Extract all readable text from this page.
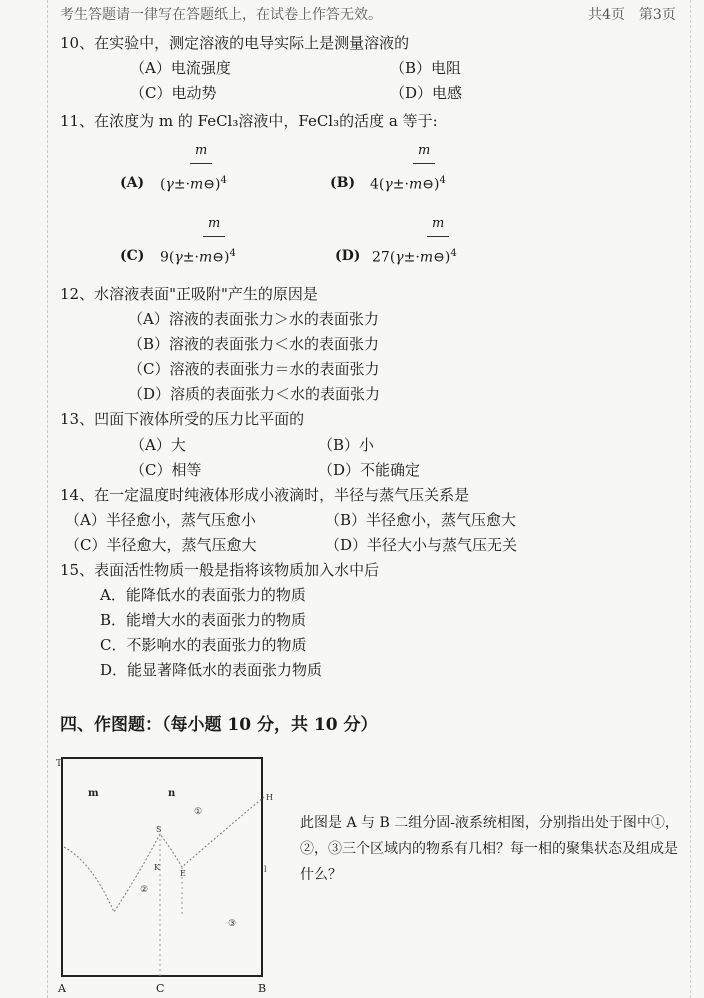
考生答题请一律写在答题纸上，在试卷上作答无效。	共4页　第3页
10、在实验中，测定溶液的电导实际上是测量溶液的
（A）电流强度	（B）电阻
（C）电动势	（D）电感
11、在浓度为 m 的 FeCl₃溶液中，FeCl₃的活度 a 等于:
(A) (γ±·m⊖)$^4$
m
(B) 4(γ±·m⊖)$^4$
m
(C) 9(γ±·m⊖)$^4$
m
(D) 27(γ±·m⊖)$^4$
m
12、水溶液表面"正吸附"产生的原因是
（A）溶液的表面张力＞水的表面张力
（B）溶液的表面张力＜水的表面张力
（C）溶液的表面张力＝水的表面张力
（D）溶质的表面张力＜水的表面张力
13、凹面下液体所受的压力比平面的
（A）大	（B）小
（C）相等	（D）不能确定
14、在一定温度时纯液体形成小液滴时，半径与蒸气压关系是
（A）半径愈小，蒸气压愈小	（B）半径愈小，蒸气压愈大
（C）半径愈大，蒸气压愈大	（D）半径大小与蒸气压无关
15、表面活性物质一般是指将该物质加入水中后
A．能降低水的表面张力的物质
B．能增大水的表面张力的物质
C．不影响水的表面张力的物质
D．能显著降低水的表面张力物质
四、作图题：（每小题 10 分，共 10 分）
T
m	n	H
S
K
E	l
①
②
③
A	C	B
此图是 A 与 B 二组分固-液系统相图，分别指出处于图中①，②，③三个区域内的物系有几相？每一相的聚集状态及组成是什么？
